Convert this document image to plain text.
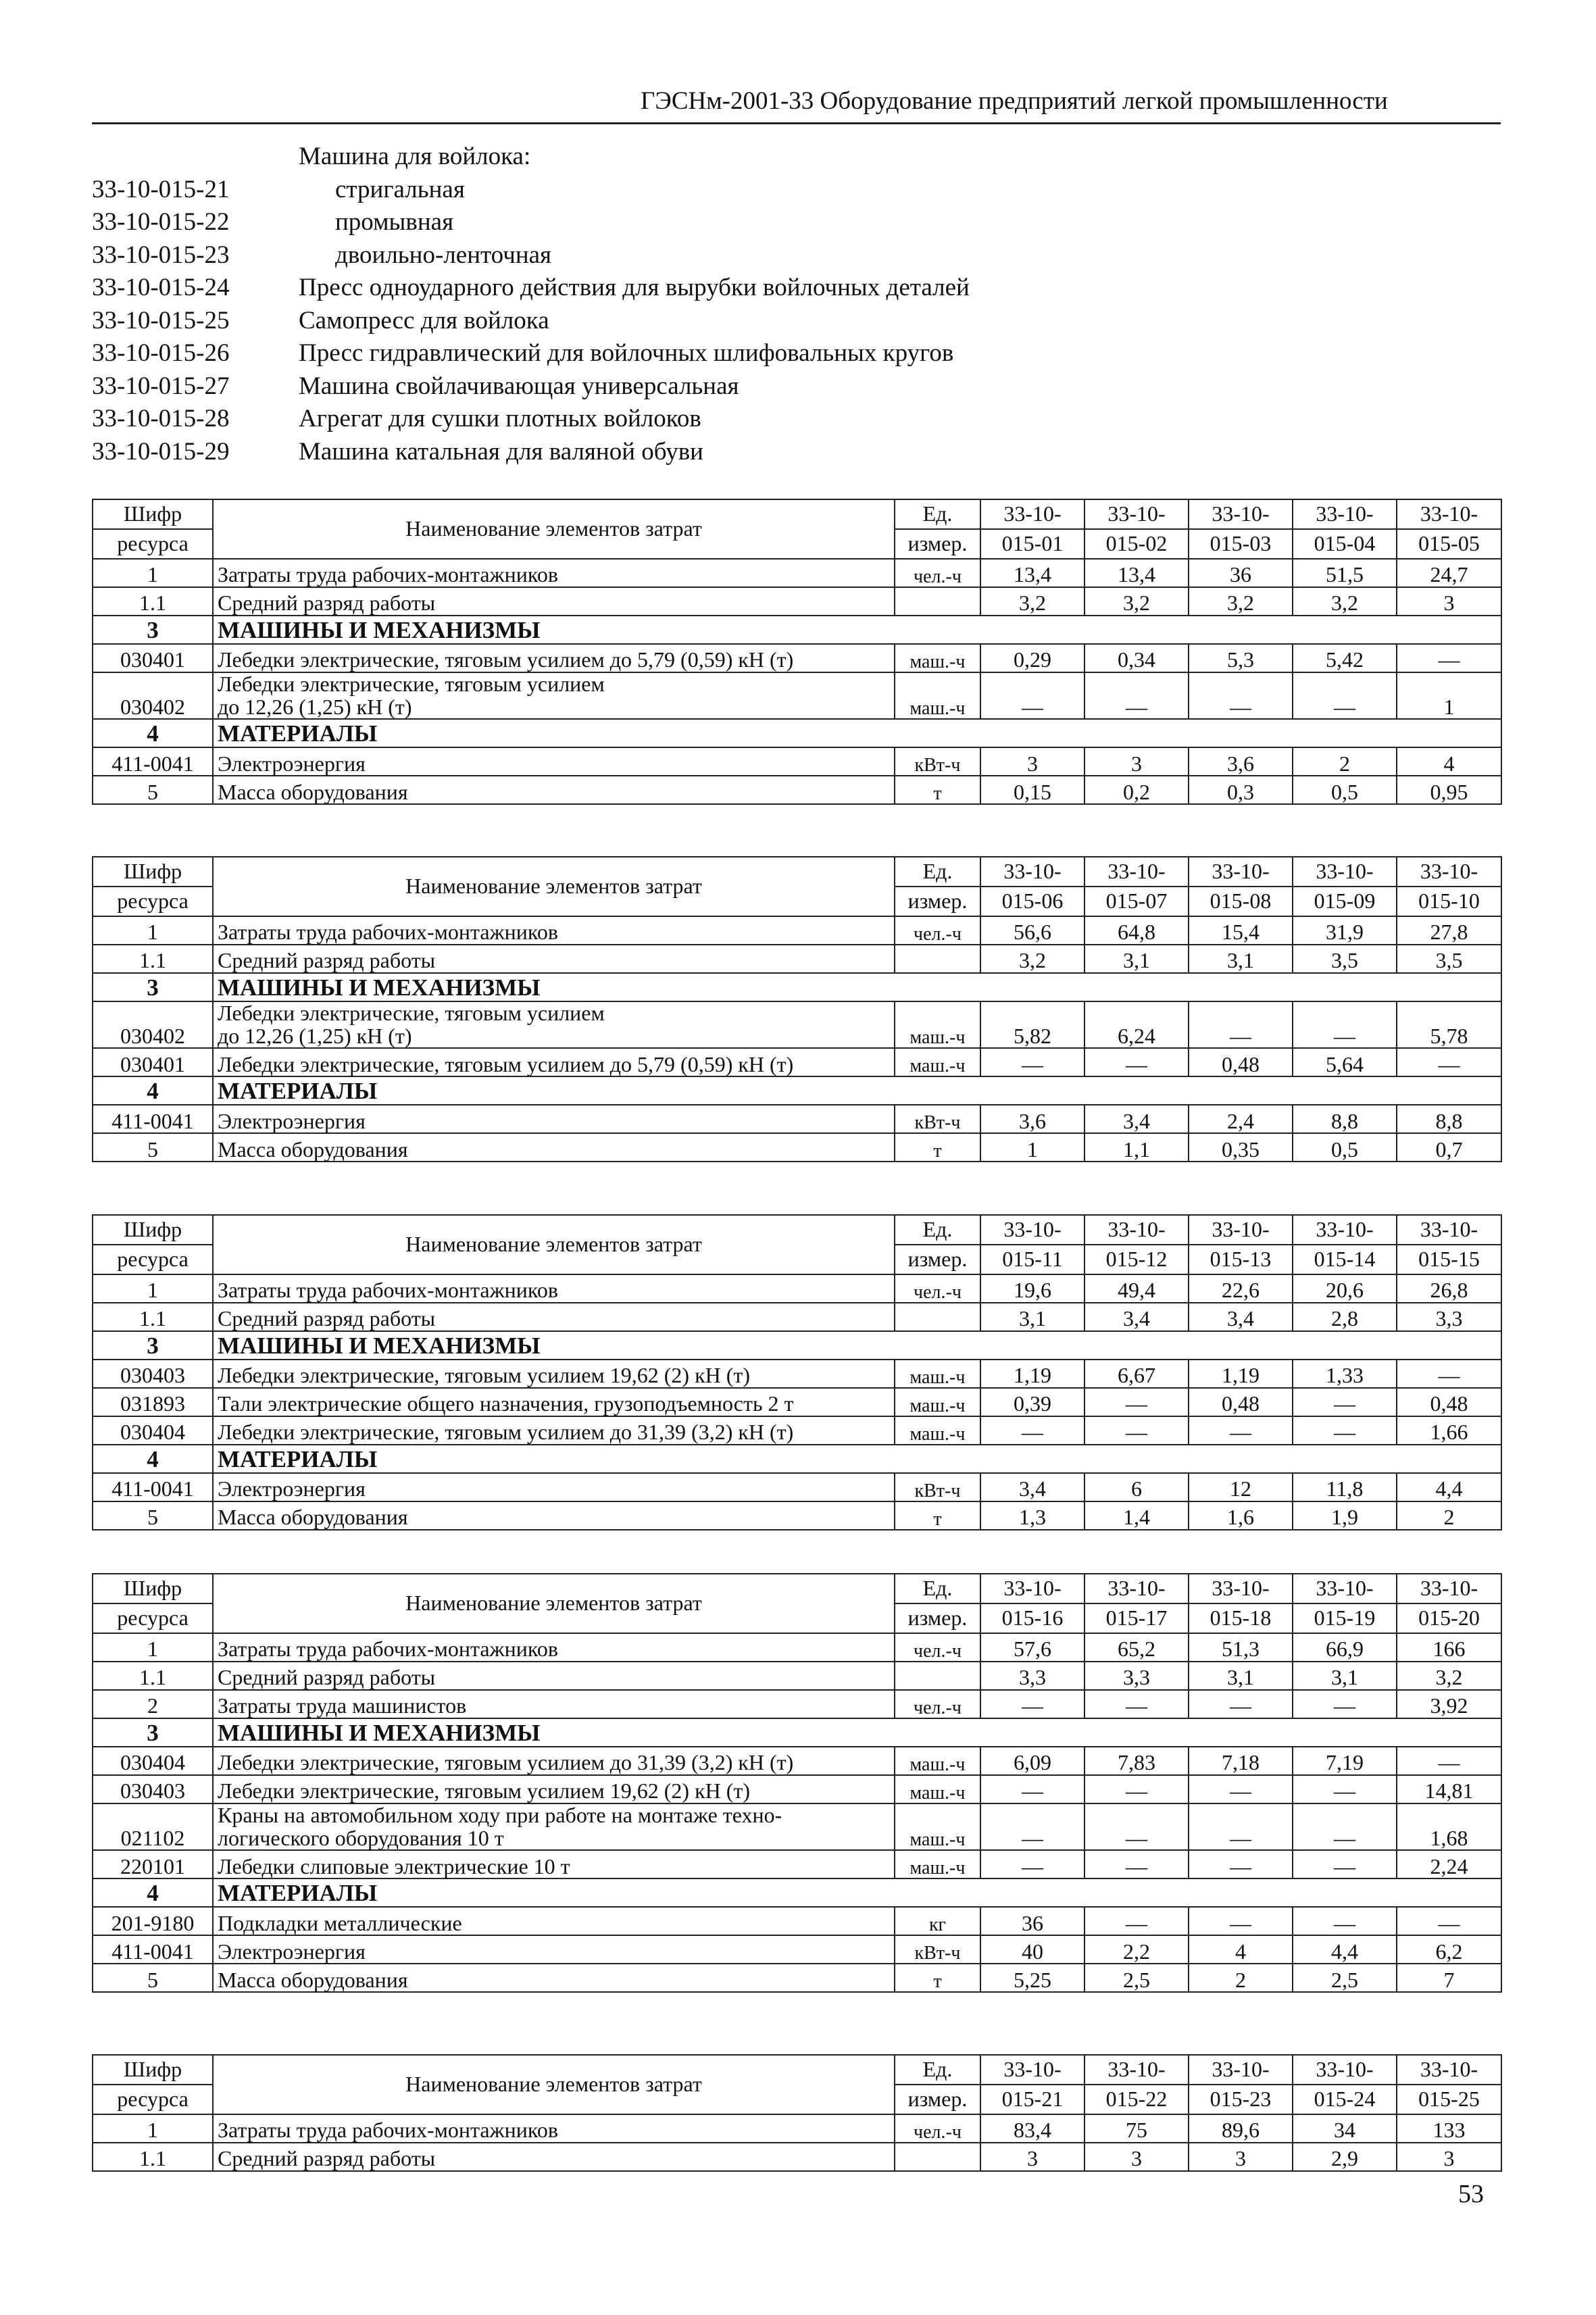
ГЭСНм-2001-33 Оборудование предприятий легкой промышленности
Машина для войлока:
33-10-015-21	стригальная
33-10-015-22	промывная
33-10-015-23	двоильно-ленточная
33-10-015-24	Пресс одноударного действия для вырубки войлочных деталей
33-10-015-25	Самопресс для войлока
33-10-015-26	Пресс гидравлический для войлочных шлифовальных кругов
33-10-015-27	Машина свойлачивающая универсальная
33-10-015-28	Агрегат для сушки плотных войлоков
33-10-015-29	Машина катальная для валяной обуви
Шифр	Наименование элементов затрат	Ед.	33-10-	33-10-	33-10-	33-10-	33-10-
ресурса		измер.	015-01	015-02	015-03	015-04	015-05
1	Затраты труда рабочих-монтажников	чел.-ч	13,4	13,4	36	51,5	24,7
1.1	Средний разряд работы		3,2	3,2	3,2	3,2	3
3	МАШИНЫ И МЕХАНИЗМЫ						
030401	Лебедки электрические, тяговым усилием до 5,79 (0,59) кН (т)	маш.-ч	0,29	0,34	5,3	5,42	—
030402	Лебедки электрические, тяговым усилием
до 12,26 (1,25) кН (т)	маш.-ч	—	—	—	—	1
4	МАТЕРИАЛЫ						
411-0041	Электроэнергия	кВт-ч	3	3	3,6	2	4
5	Масса оборудования	т	0,15	0,2	0,3	0,5	0,95
Шифр	Наименование элементов затрат	Ед.	33-10-	33-10-	33-10-	33-10-	33-10-
ресурса		измер.	015-06	015-07	015-08	015-09	015-10
1	Затраты труда рабочих-монтажников	чел.-ч	56,6	64,8	15,4	31,9	27,8
1.1	Средний разряд работы		3,2	3,1	3,1	3,5	3,5
3	МАШИНЫ И МЕХАНИЗМЫ						
030402	Лебедки электрические, тяговым усилием
до 12,26 (1,25) кН (т)	маш.-ч	5,82	6,24	—	—	5,78
030401	Лебедки электрические, тяговым усилием до 5,79 (0,59) кН (т)	маш.-ч	—	—	0,48	5,64	—
4	МАТЕРИАЛЫ						
411-0041	Электроэнергия	кВт-ч	3,6	3,4	2,4	8,8	8,8
5	Масса оборудования	т	1	1,1	0,35	0,5	0,7
Шифр	Наименование элементов затрат	Ед.	33-10-	33-10-	33-10-	33-10-	33-10-
ресурса		измер.	015-11	015-12	015-13	015-14	015-15
1	Затраты труда рабочих-монтажников	чел.-ч	19,6	49,4	22,6	20,6	26,8
1.1	Средний разряд работы		3,1	3,4	3,4	2,8	3,3
3	МАШИНЫ И МЕХАНИЗМЫ						
030403	Лебедки электрические, тяговым усилием 19,62 (2) кН (т)	маш.-ч	1,19	6,67	1,19	1,33	—
031893	Тали электрические общего назначения, грузоподъемность 2 т	маш.-ч	0,39	—	0,48	—	0,48
030404	Лебедки электрические, тяговым усилием до 31,39 (3,2) кН (т)	маш.-ч	—	—	—	—	1,66
4	МАТЕРИАЛЫ						
411-0041	Электроэнергия	кВт-ч	3,4	6	12	11,8	4,4
5	Масса оборудования	т	1,3	1,4	1,6	1,9	2
Шифр	Наименование элементов затрат	Ед.	33-10-	33-10-	33-10-	33-10-	33-10-
ресурса		измер.	015-16	015-17	015-18	015-19	015-20
1	Затраты труда рабочих-монтажников	чел.-ч	57,6	65,2	51,3	66,9	166
1.1	Средний разряд работы		3,3	3,3	3,1	3,1	3,2
2	Затраты труда машинистов	чел.-ч	—	—	—	—	3,92
3	МАШИНЫ И МЕХАНИЗМЫ						
030404	Лебедки электрические, тяговым усилием до 31,39 (3,2) кН (т)	маш.-ч	6,09	7,83	7,18	7,19	—
030403	Лебедки электрические, тяговым усилием 19,62 (2) кН (т)	маш.-ч	—	—	—	—	14,81
021102	Краны на автомобильном ходу при работе на монтаже техно-
логического оборудования 10 т	маш.-ч	—	—	—	—	1,68
220101	Лебедки слиповые электрические 10 т	маш.-ч	—	—	—	—	2,24
4	МАТЕРИАЛЫ						
201-9180	Подкладки металлические	кг	36	—	—	—	—
411-0041	Электроэнергия	кВт-ч	40	2,2	4	4,4	6,2
5	Масса оборудования	т	5,25	2,5	2	2,5	7
Шифр	Наименование элементов затрат	Ед.	33-10-	33-10-	33-10-	33-10-	33-10-
ресурса		измер.	015-21	015-22	015-23	015-24	015-25
1	Затраты труда рабочих-монтажников	чел.-ч	83,4	75	89,6	34	133
1.1	Средний разряд работы		3	3	3	2,9	3
53
